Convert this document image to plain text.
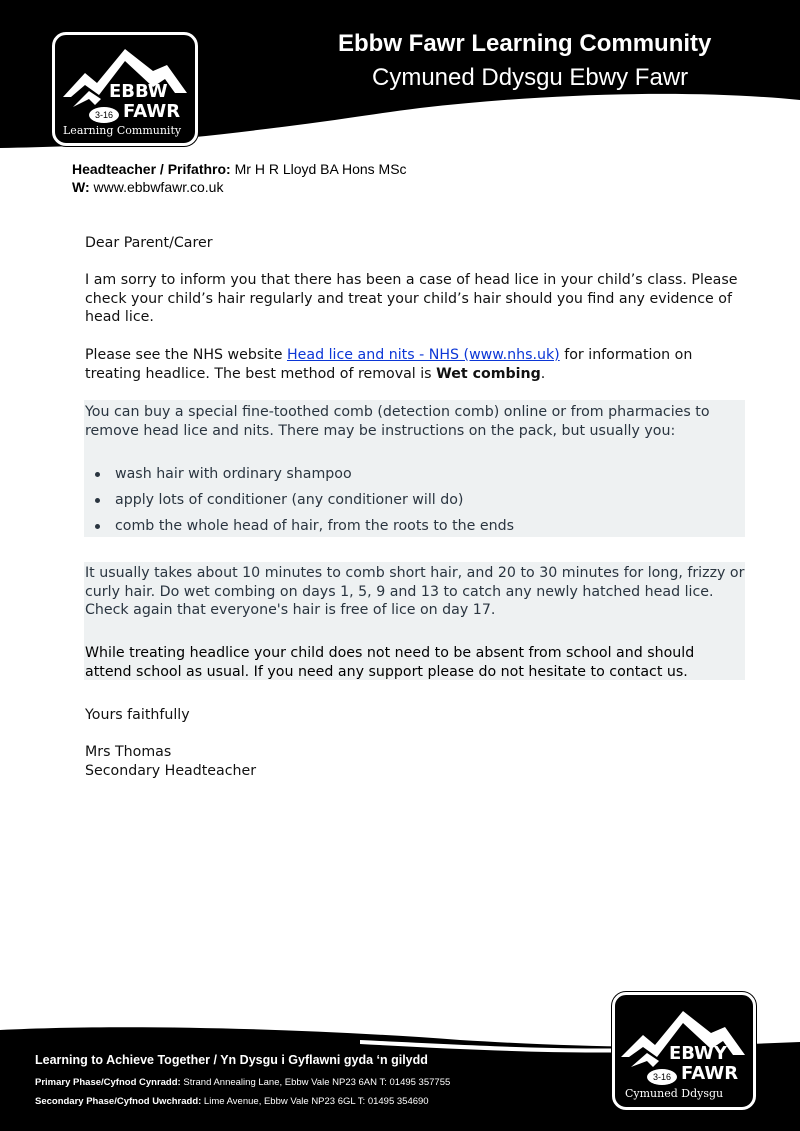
Ebbw Fawr Learning Community
Cymuned Ddysgu Ebwy Fawr
EBBW
FAWR
3-16
Learning Community
Headteacher / Prifathro: Mr H R Lloyd BA Hons MSc
W: www.ebbwfawr.co.uk

Dear Parent/Carer

I am sorry to inform you that there has been a case of head lice in your child’s class. Please check your child’s hair regularly and treat your child’s hair should you find any evidence of head lice.

Please see the NHS website Head lice and nits - NHS (www.nhs.uk) for information on treating headlice. The best method of removal is Wet combing.

You can buy a special fine-toothed comb (detection comb) online or from pharmacies to remove head lice and nits. There may be instructions on the pack, but usually you:

wash hair with ordinary shampoo
apply lots of conditioner (any conditioner will do)
comb the whole head of hair, from the roots to the ends

It usually takes about 10 minutes to comb short hair, and 20 to 30 minutes for long, frizzy or curly hair. Do wet combing on days 1, 5, 9 and 13 to catch any newly hatched head lice. Check again that everyone's hair is free of lice on day 17.

While treating headlice your child does not need to be absent from school and should attend school as usual. If you need any support please do not hesitate to contact us.

Yours faithfully

Mrs Thomas

Secondary Headteacher

Learning to Achieve Together / Yn Dysgu i Gyflawni gyda ‘n gilydd
Primary Phase/Cyfnod Cynradd: Strand Annealing Lane, Ebbw Vale NP23 6AN T: 01495 357755
Secondary Phase/Cyfnod Uwchradd: Lime Avenue, Ebbw Vale NP23 6GL T: 01495 354690
EBWY
FAWR
3-16
Cymuned Ddysgu
